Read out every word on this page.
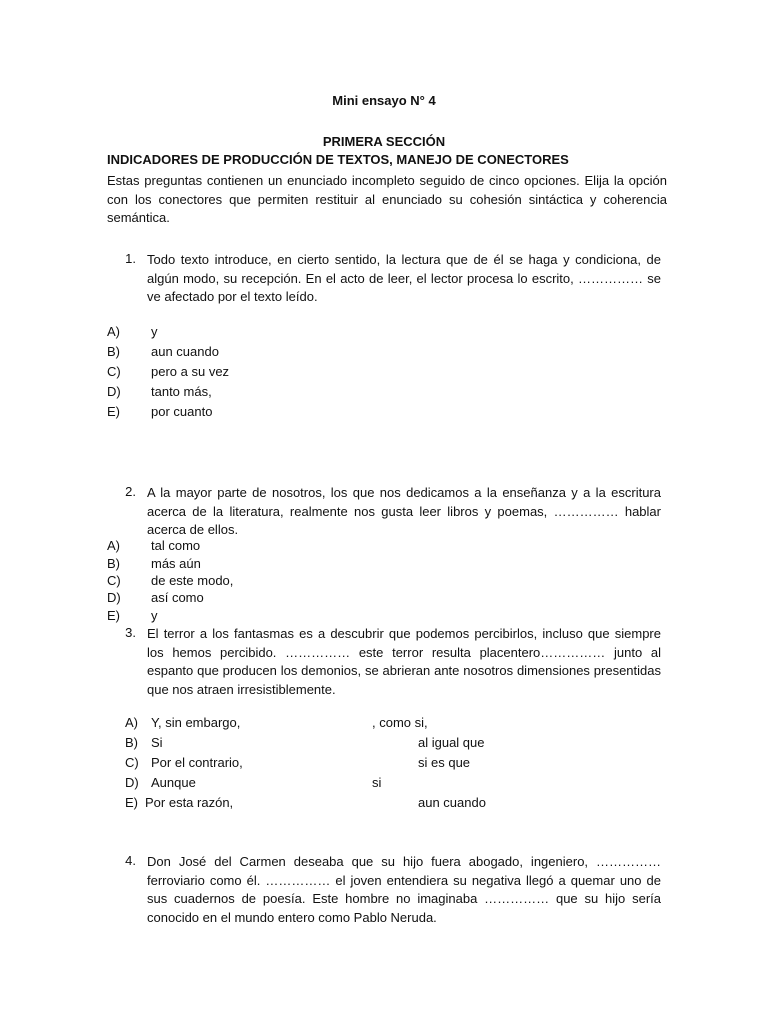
Mini ensayo N° 4
PRIMERA SECCIÓN
INDICADORES DE PRODUCCIÓN DE TEXTOS, MANEJO DE CONECTORES
Estas preguntas contienen un enunciado incompleto seguido de cinco opciones. Elija la opción con los conectores que permiten restituir al enunciado su cohesión sintáctica y coherencia semántica.
1. Todo texto introduce, en cierto sentido, la lectura que de él se haga y condiciona, de algún modo, su recepción. En el acto de leer, el lector procesa lo escrito, …………… se ve afectado por el texto leído.
A) y
B) aun cuando
C) pero a su vez
D) tanto más,
E) por cuanto
2. A la mayor parte de nosotros, los que nos dedicamos a la enseñanza y a la escritura acerca de la literatura, realmente nos gusta leer libros y poemas, …………… hablar acerca de ellos.
A) tal como
B) más aún
C) de este modo,
D) así como
E) y
3. El terror a los fantasmas es a descubrir que podemos percibirlos, incluso que siempre los hemos percibido. …………… este terror resulta placentero…………… junto al espanto que producen los demonios, se abrieran ante nosotros dimensiones presentidas que nos atraen irresistiblemente.
A) Y, sin embargo,	, como si,
B) Si	al igual que
C) Por el contrario,	si es que
D) Aunque	si
E) Por esta razón,	aun cuando
4. Don José del Carmen deseaba que su hijo fuera abogado, ingeniero, …………… ferroviario como él. …………… el joven entendiera su negativa llegó a quemar uno de sus cuadernos de poesía. Este hombre no imaginaba …………… que su hijo sería conocido en el mundo entero como Pablo Neruda.
